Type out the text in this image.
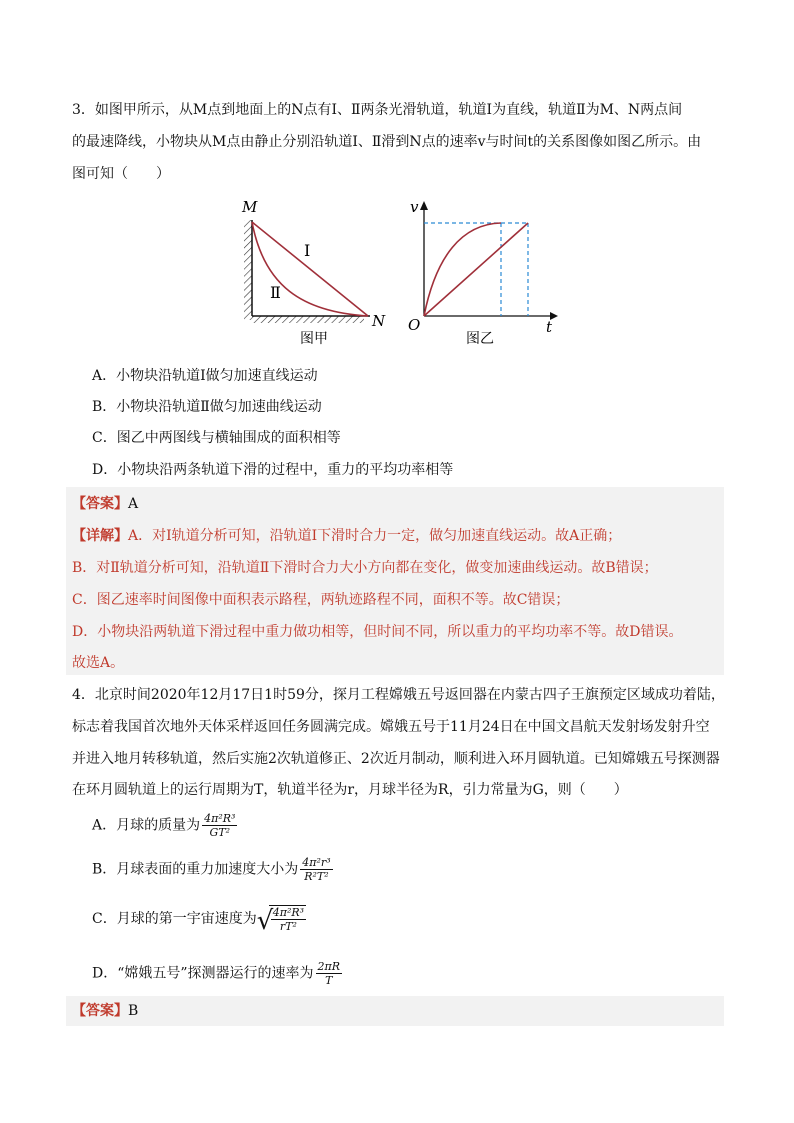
3．如图甲所示，从M点到地面上的N点有Ⅰ、Ⅱ两条光滑轨道，轨道Ⅰ为直线，轨道Ⅱ为M、N两点间
的最速降线，小物块从M点由静止分别沿轨道Ⅰ、Ⅱ滑到N点的速率v与时间t的关系图像如图乙所示。由
图可知（　　）
M
N
Ⅰ
Ⅱ
图甲
v
t
O
图乙
A．小物块沿轨道Ⅰ做匀加速直线运动
B．小物块沿轨道Ⅱ做匀加速曲线运动
C．图乙中两图线与横轴围成的面积相等
D．小物块沿两条轨道下滑的过程中，重力的平均功率相等
【答案】A
【详解】A．对Ⅰ轨道分析可知，沿轨道Ⅰ下滑时合力一定，做匀加速直线运动。故A正确；
B．对Ⅱ轨道分析可知，沿轨道Ⅱ下滑时合力大小方向都在变化，做变加速曲线运动。故B错误；
C．图乙速率时间图像中面积表示路程，两轨迹路程不同，面积不等。故C错误；
D．小物块沿两轨道下滑过程中重力做功相等，但时间不同，所以重力的平均功率不等。故D错误。
故选A。
4．北京时间2020年12月17日1时59分，探月工程嫦娥五号返回器在内蒙古四子王旗预定区域成功着陆，
标志着我国首次地外天体采样返回任务圆满完成。嫦娥五号于11月24日在中国文昌航天发射场发射升空
并进入地月转移轨道，然后实施2次轨道修正、2次近月制动，顺利进入环月圆轨道。已知嫦娥五号探测器
在环月圆轨道上的运行周期为T，轨道半径为r，月球半径为R，引力常量为G，则（　　）
A．月球的质量为 $\frac{\text{4π²R³}}{\text{GT²}}$
B．月球表面的重力加速度大小为 $\frac{\text{4π²r³}}{\text{R²T²}}$
C．月球的第一宇宙速度为 √
$\frac{\text{4π²R³}}{\text{rT²}}$
D．“嫦娥五号”探测器运行的速率为 $\frac{2\pi R}{T}$
【答案】B
